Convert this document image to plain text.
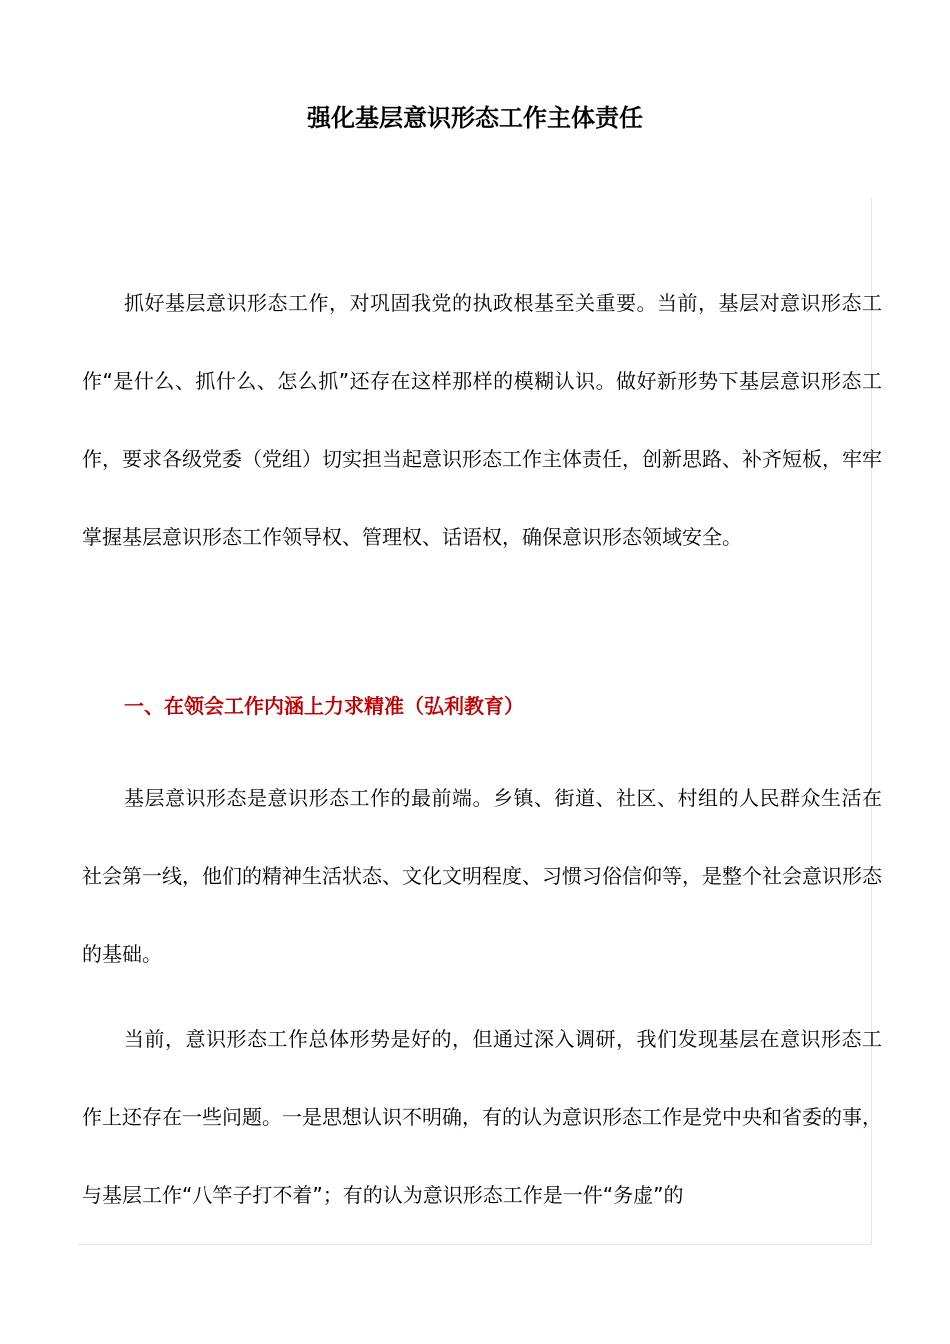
强化基层意识形态工作主体责任

抓好基层意识形态工作，对巩固我党的执政根基至关重要。当前，基层对意识形态工作“是什么、抓什么、怎么抓”还存在这样那样的模糊认识。做好新形势下基层意识形态工作，要求各级党委（党组）切实担当起意识形态工作主体责任，创新思路、补齐短板，牢牢掌握基层意识形态工作领导权、管理权、话语权，确保意识形态领域安全。

一、在领会工作内涵上力求精准（弘利教育）

基层意识形态是意识形态工作的最前端。乡镇、街道、社区、村组的人民群众生活在社会第一线，他们的精神生活状态、文化文明程度、习惯习俗信仰等，是整个社会意识形态的基础。

当前，意识形态工作总体形势是好的，但通过深入调研，我们发现基层在意识形态工作上还存在一些问题。一是思想认识不明确，有的认为意识形态工作是党中央和省委的事，与基层工作“八竿子打不着”；有的认为意识形态工作是一件“务虚”的
